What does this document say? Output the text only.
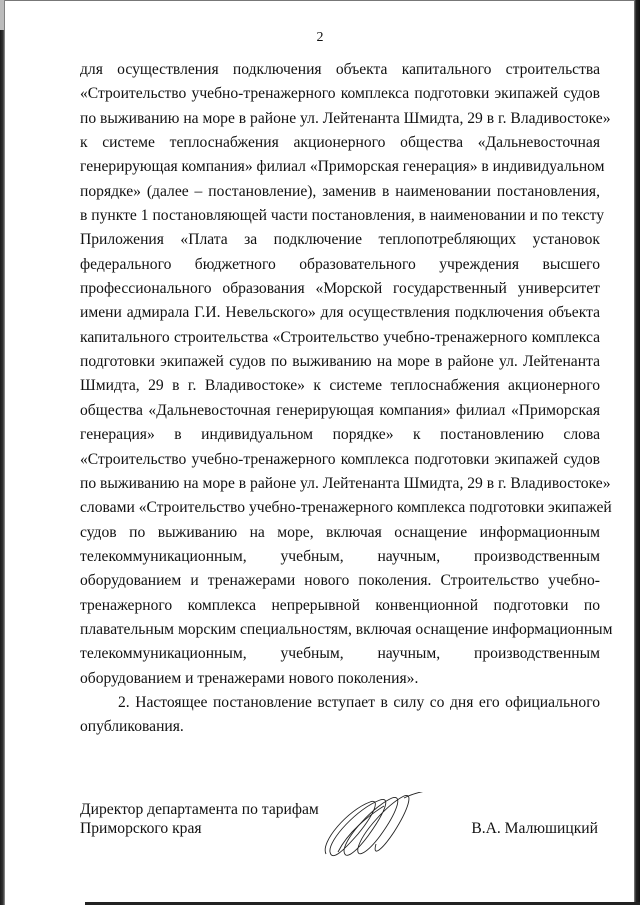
2
для осуществления подключения объекта капитального строительства
«Строительство учебно-тренажерного комплекса подготовки экипажей судов
по выживанию на море в районе ул. Лейтенанта Шмидта, 29 в г. Владивостоке»
к системе теплоснабжения акционерного общества «Дальневосточная
генерирующая компания» филиал «Приморская генерация» в индивидуальном
порядке» (далее – постановление), заменив в наименовании постановления,
в пункте 1 постановляющей части постановления, в наименовании и по тексту
Приложения «Плата за подключение теплопотребляющих установок
федерального бюджетного образовательного учреждения высшего
профессионального образования «Морской государственный университет
имени адмирала Г.И. Невельского» для осуществления подключения объекта
капитального строительства «Строительство учебно-тренажерного комплекса
подготовки экипажей судов по выживанию на море в районе ул. Лейтенанта
Шмидта, 29 в г. Владивостоке» к системе теплоснабжения акционерного
общества «Дальневосточная генерирующая компания» филиал «Приморская
генерация» в индивидуальном порядке» к постановлению слова
«Строительство учебно-тренажерного комплекса подготовки экипажей судов
по выживанию на море в районе ул. Лейтенанта Шмидта, 29 в г. Владивостоке»
словами «Строительство учебно-тренажерного комплекса подготовки экипажей
судов по выживанию на море, включая оснащение информационным
телекоммуникационным, учебным, научным, производственным
оборудованием и тренажерами нового поколения. Строительство учебно-
тренажерного комплекса непрерывной конвенционной подготовки по
плавательным морским специальностям, включая оснащение информационным
телекоммуникационным, учебным, научным, производственным
оборудованием и тренажерами нового поколения».
2. Настоящее постановление вступает в силу со дня его официального
опубликования.
Директор департамента по тарифам
Приморского края	В.А. Малюшицкий
